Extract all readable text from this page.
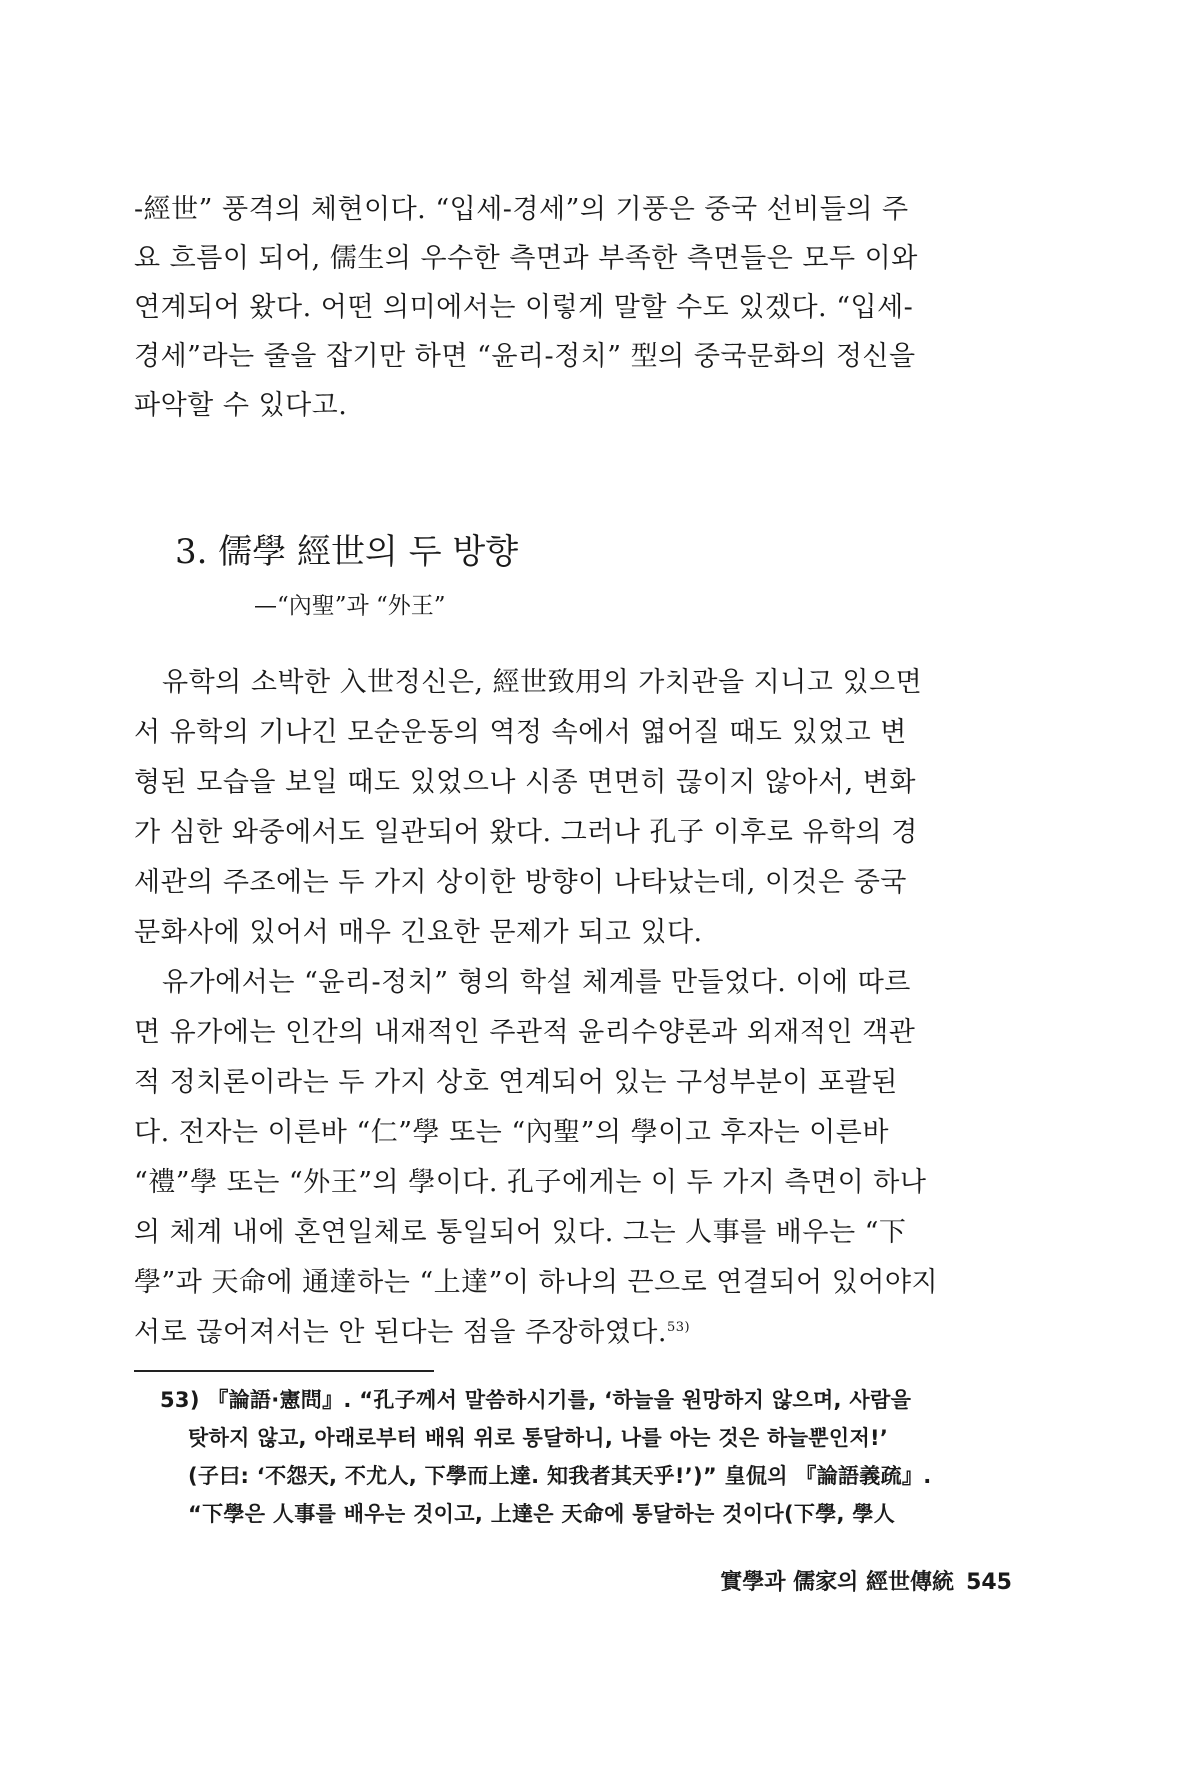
-經世” 풍격의 체현이다. “입세-경세”의 기풍은 중국 선비들의 주
요 흐름이 되어, 儒生의 우수한 측면과 부족한 측면들은 모두 이와
연계되어 왔다. 어떤 의미에서는 이렇게 말할 수도 있겠다. “입세-
경세”라는 줄을 잡기만 하면 “윤리-정치” 型의 중국문화의 정신을
파악할 수 있다고.
3. 儒學 經世의 두 방향
—“內聖”과 “外王”
유학의 소박한 入世정신은, 經世致用의 가치관을 지니고 있으면
서 유학의 기나긴 모순운동의 역정 속에서 엷어질 때도 있었고 변
형된 모습을 보일 때도 있었으나 시종 면면히 끊이지 않아서, 변화
가 심한 와중에서도 일관되어 왔다. 그러나 孔子 이후로 유학의 경
세관의 주조에는 두 가지 상이한 방향이 나타났는데, 이것은 중국
문화사에 있어서 매우 긴요한 문제가 되고 있다.
유가에서는 “윤리-정치” 형의 학설 체계를 만들었다. 이에 따르
면 유가에는 인간의 내재적인 주관적 윤리수양론과 외재적인 객관
적 정치론이라는 두 가지 상호 연계되어 있는 구성부분이 포괄된
다. 전자는 이른바 “仁”學 또는 “內聖”의 學이고 후자는 이른바
“禮”學 또는 “外王”의 學이다. 孔子에게는 이 두 가지 측면이 하나
의 체계 내에 혼연일체로 통일되어 있다. 그는 人事를 배우는 “下
學”과 天命에 通達하는 “上達”이 하나의 끈으로 연결되어 있어야지
서로 끊어져서는 안 된다는 점을 주장하였다.$^{53)}$
53) 『論語·憲問』. “孔子께서 말씀하시기를, ‘하늘을 원망하지 않으며, 사람을
탓하지 않고, 아래로부터 배워 위로 통달하니, 나를 아는 것은 하늘뿐인저!’
(子曰: ‘不怨天, 不尤人, 下學而上達. 知我者其天乎!’)” 皇侃의 『論語義疏』.
“下學은 人事를 배우는 것이고, 上達은 天命에 통달하는 것이다(下學, 學人
實學과 儒家의 經世傳統 545
